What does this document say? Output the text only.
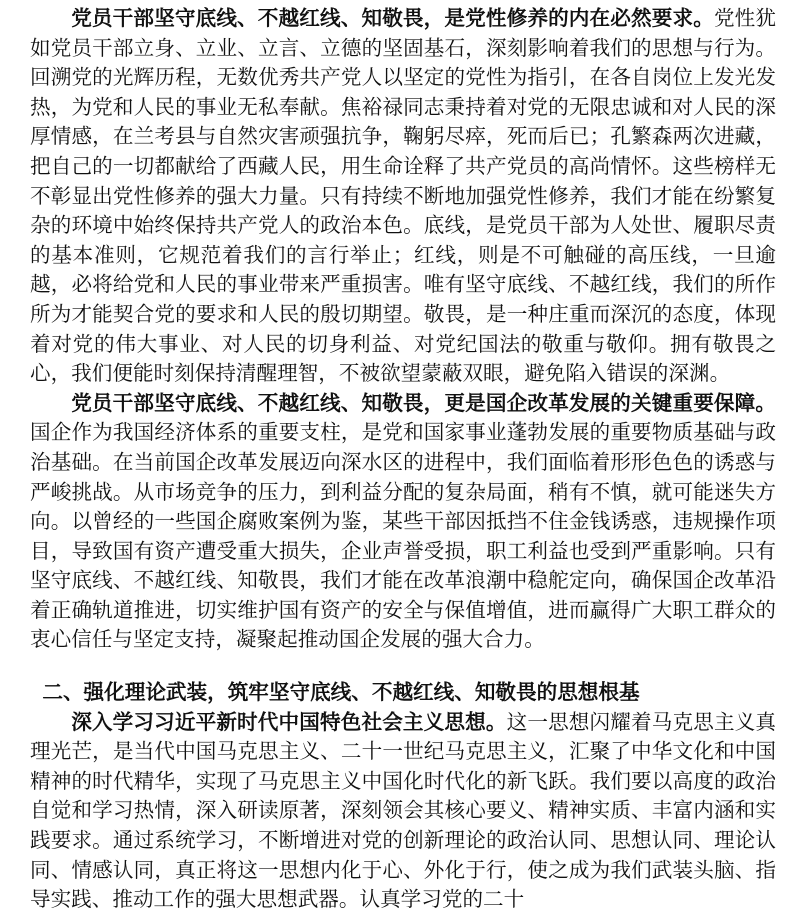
党员干部坚守底线、不越红线、知敬畏，是党性修养的内在必然要求。党性犹如党员干部立身、立业、立言、立德的坚固基石，深刻影响着我们的思想与行为。回溯党的光辉历程，无数优秀共产党人以坚定的党性为指引，在各自岗位上发光发热，为党和人民的事业无私奉献。焦裕禄同志秉持着对党的无限忠诚和对人民的深厚情感，在兰考县与自然灾害顽强抗争，鞠躬尽瘁，死而后已；孔繁森两次进藏，把自己的一切都献给了西藏人民，用生命诠释了共产党员的高尚情怀。这些榜样无不彰显出党性修养的强大力量。只有持续不断地加强党性修养，我们才能在纷繁复杂的环境中始终保持共产党人的政治本色。底线，是党员干部为人处世、履职尽责的基本准则，它规范着我们的言行举止；红线，则是不可触碰的高压线，一旦逾越，必将给党和人民的事业带来严重损害。唯有坚守底线、不越红线，我们的所作所为才能契合党的要求和人民的殷切期望。敬畏，是一种庄重而深沉的态度，体现着对党的伟大事业、对人民的切身利益、对党纪国法的敬重与敬仰。拥有敬畏之心，我们便能时刻保持清醒理智，不被欲望蒙蔽双眼，避免陷入错误的深渊。

党员干部坚守底线、不越红线、知敬畏，更是国企改革发展的关键重要保障。国企作为我国经济体系的重要支柱，是党和国家事业蓬勃发展的重要物质基础与政治基础。在当前国企改革发展迈向深水区的进程中，我们面临着形形色色的诱惑与严峻挑战。从市场竞争的压力，到利益分配的复杂局面，稍有不慎，就可能迷失方向。以曾经的一些国企腐败案例为鉴，某些干部因抵挡不住金钱诱惑，违规操作项目，导致国有资产遭受重大损失，企业声誉受损，职工利益也受到严重影响。只有坚守底线、不越红线、知敬畏，我们才能在改革浪潮中稳舵定向，确保国企改革沿着正确轨道推进，切实维护国有资产的安全与保值增值，进而赢得广大职工群众的衷心信任与坚定支持，凝聚起推动国企发展的强大合力。

二、强化理论武装，筑牢坚守底线、不越红线、知敬畏的思想根基

深入学习习近平新时代中国特色社会主义思想。这一思想闪耀着马克思主义真理光芒，是当代中国马克思主义、二十一世纪马克思主义，汇聚了中华文化和中国精神的时代精华，实现了马克思主义中国化时代化的新飞跃。我们要以高度的政治自觉和学习热情，深入研读原著，深刻领会其核心要义、精神实质、丰富内涵和实践要求。通过系统学习，不断增进对党的创新理论的政治认同、思想认同、理论认同、情感认同，真正将这一思想内化于心、外化于行，使之成为我们武装头脑、指导实践、推动工作的强大思想武器。认真学习党的二十
